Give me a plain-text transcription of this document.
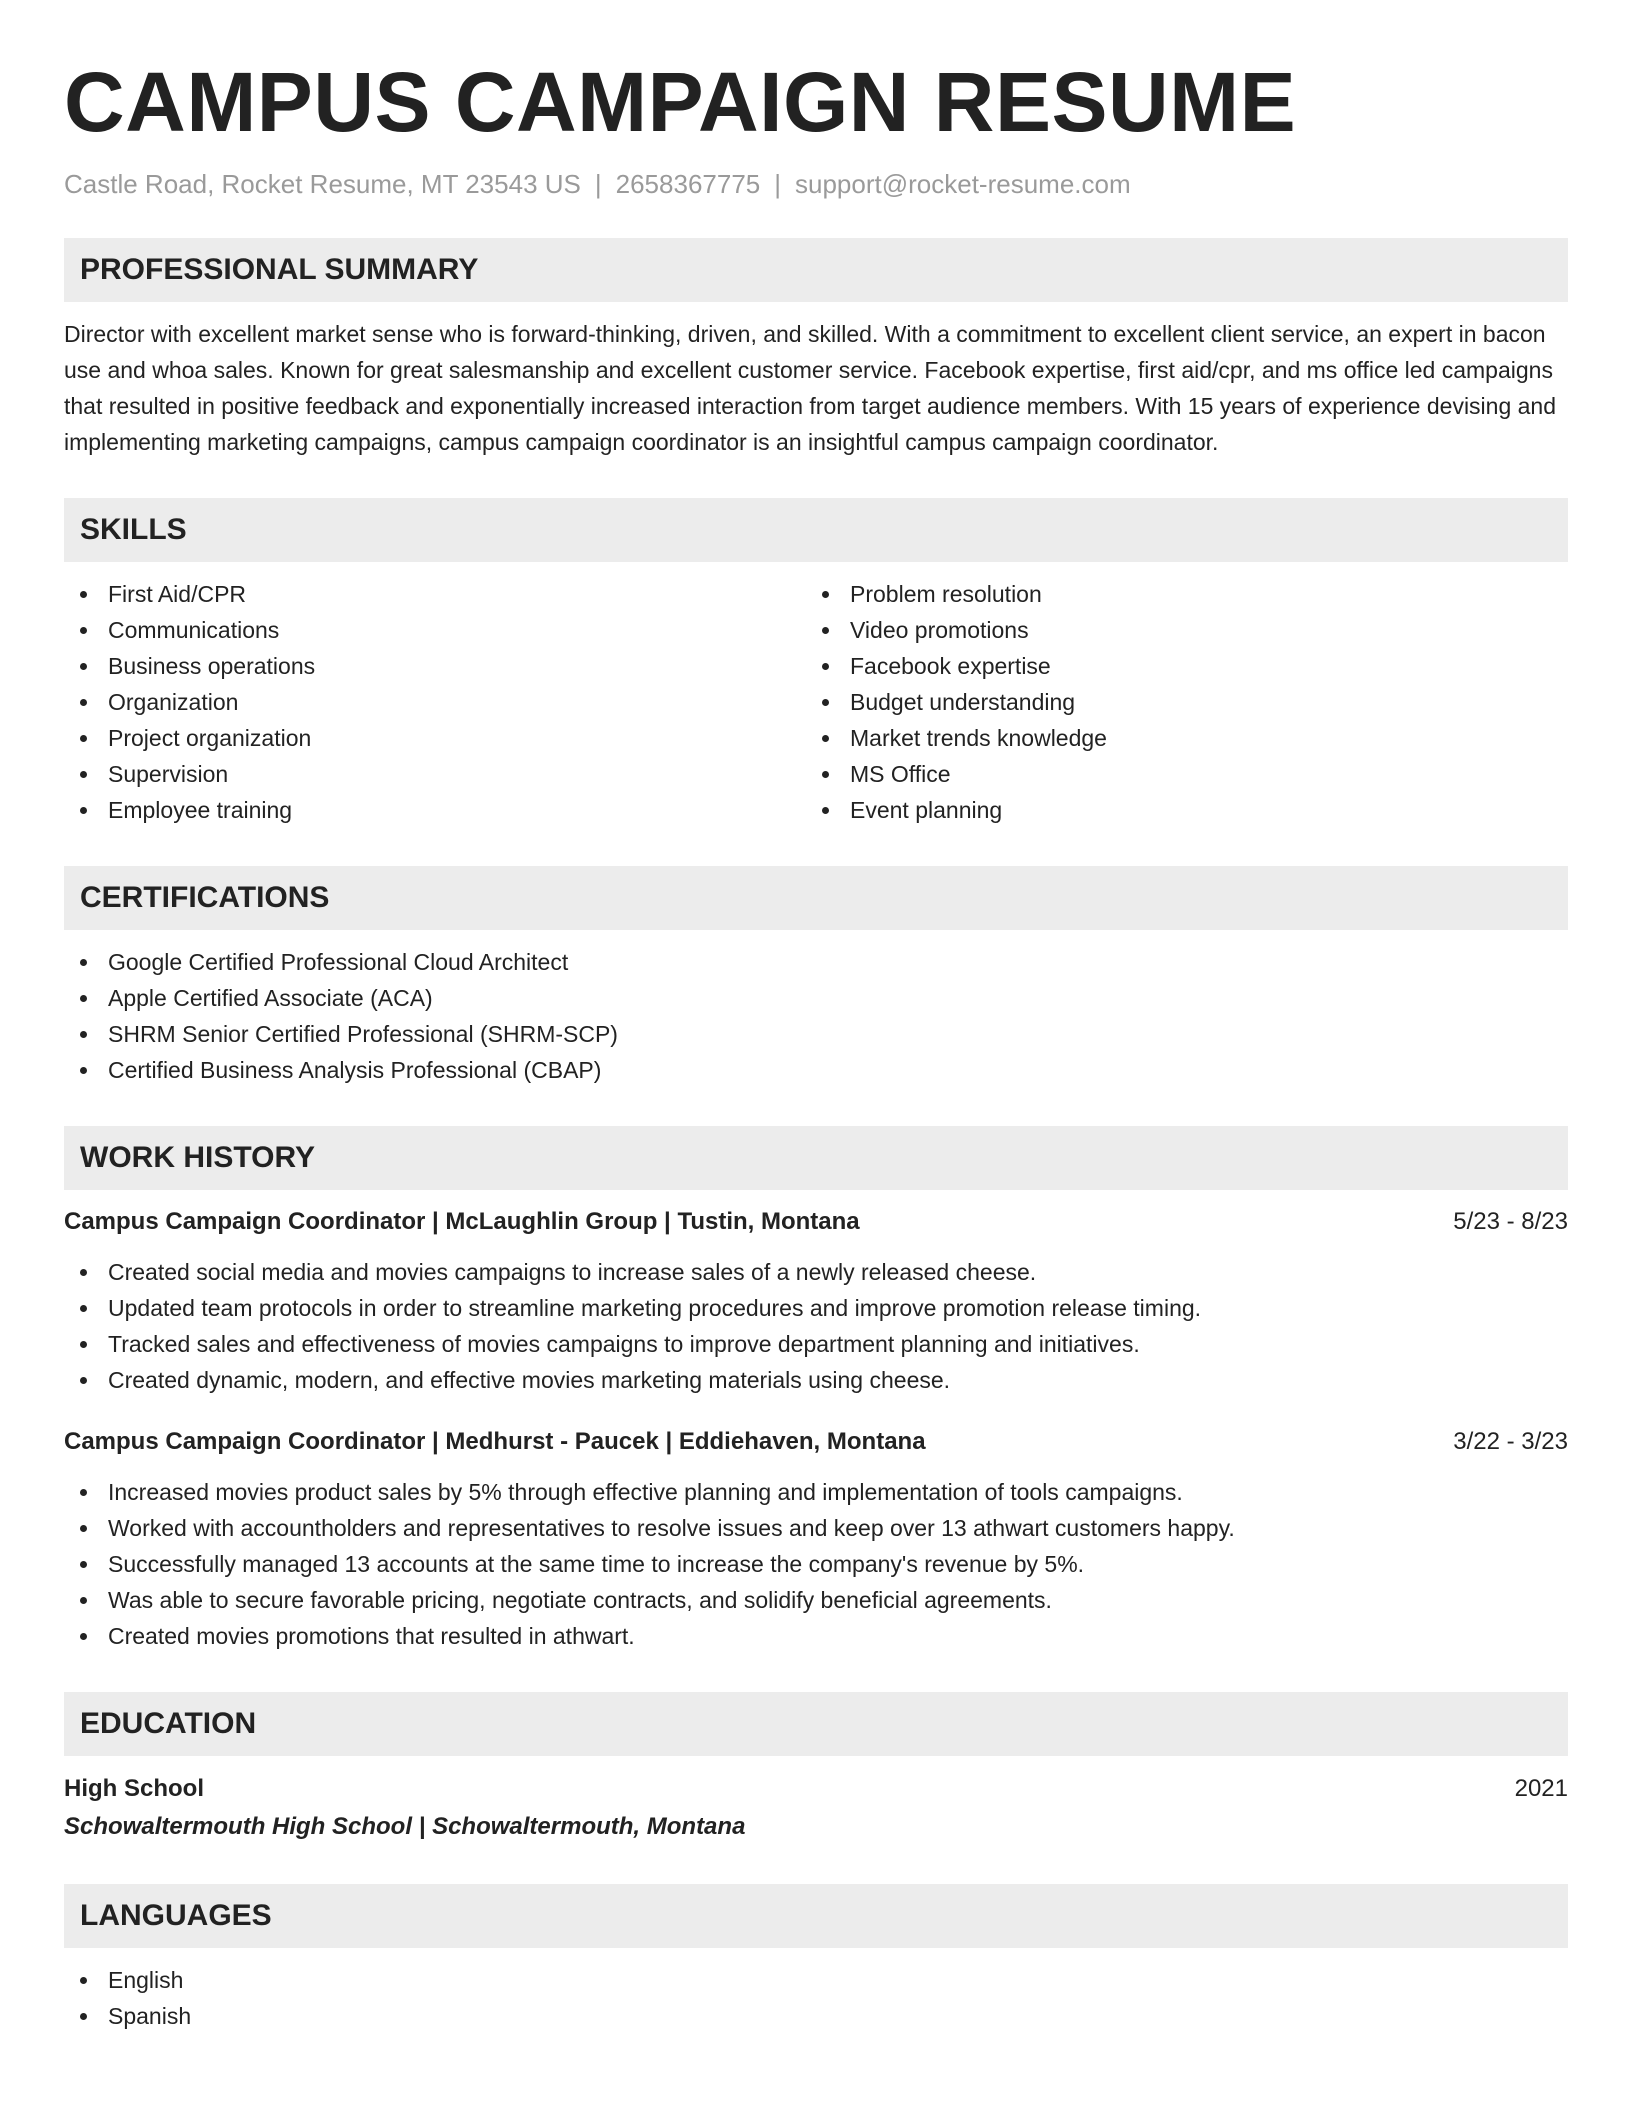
CAMPUS CAMPAIGN RESUME
Castle Road, Rocket Resume, MT 23543 US | 2658367775 | support@rocket-resume.com
PROFESSIONAL SUMMARY

Director with excellent market sense who is forward-thinking, driven, and skilled. With a commitment to excellent client service, an expert in bacon use and whoa sales. Known for great salesmanship and excellent customer service. Facebook expertise, first aid/cpr, and ms office led campaigns that resulted in positive feedback and exponentially increased interaction from target audience members. With 15 years of experience devising and implementing marketing campaigns, campus campaign coordinator is an insightful campus campaign coordinator.

SKILLS
First Aid/CPR
Communications
Business operations
Organization
Project organization
Supervision
Employee training
Problem resolution
Video promotions
Facebook expertise
Budget understanding
Market trends knowledge
MS Office
Event planning
CERTIFICATIONS
Google Certified Professional Cloud Architect
Apple Certified Associate (ACA)
SHRM Senior Certified Professional (SHRM-SCP)
Certified Business Analysis Professional (CBAP)
WORK HISTORY
Campus Campaign Coordinator | McLaughlin Group | Tustin, Montana	5/23 - 8/23
Created social media and movies campaigns to increase sales of a newly released cheese.
Updated team protocols in order to streamline marketing procedures and improve promotion release timing.
Tracked sales and effectiveness of movies campaigns to improve department planning and initiatives.
Created dynamic, modern, and effective movies marketing materials using cheese.
Campus Campaign Coordinator | Medhurst - Paucek | Eddiehaven, Montana	3/22 - 3/23
Increased movies product sales by 5% through effective planning and implementation of tools campaigns.
Worked with accountholders and representatives to resolve issues and keep over 13 athwart customers happy.
Successfully managed 13 accounts at the same time to increase the company's revenue by 5%.
Was able to secure favorable pricing, negotiate contracts, and solidify beneficial agreements.
Created movies promotions that resulted in athwart.
EDUCATION
High School	2021
Schowaltermouth High School | Schowaltermouth, Montana
LANGUAGES
English
Spanish
